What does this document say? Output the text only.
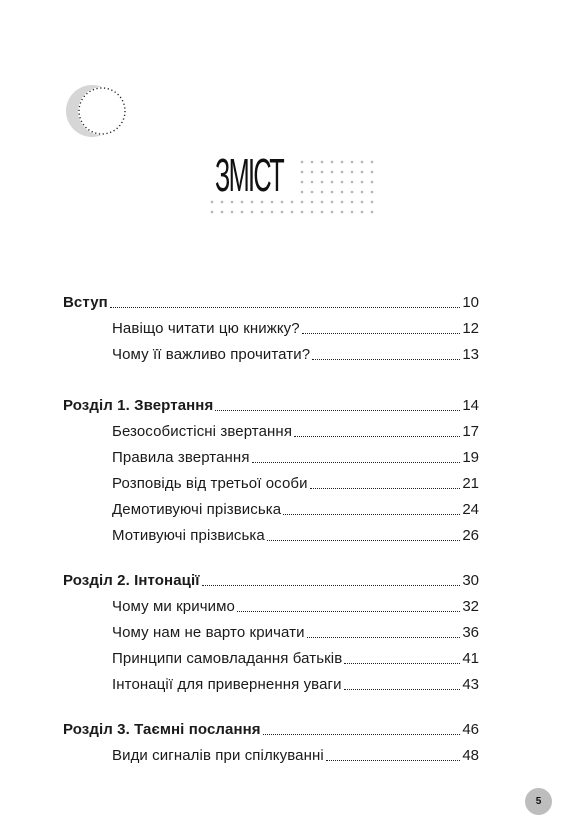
ЗМІСТ
Вступ	10
Навіщо читати цю книжку?	12
Чому її важливо прочитати?	13
Розділ 1. Звертання	14
Безособистісні звертання	17
Правила звертання	19
Розповідь від третьої особи	21
Демотивуючі прізвиська	24
Мотивуючі прізвиська	26
Розділ 2. Інтонації	30
Чому ми кричимо	32
Чому нам не варто кричати	36
Принципи самовладання батьків	41
Інтонації для привернення уваги	43
Розділ 3. Таємні послання	46
Види сигналів при спілкуванні	48
5
